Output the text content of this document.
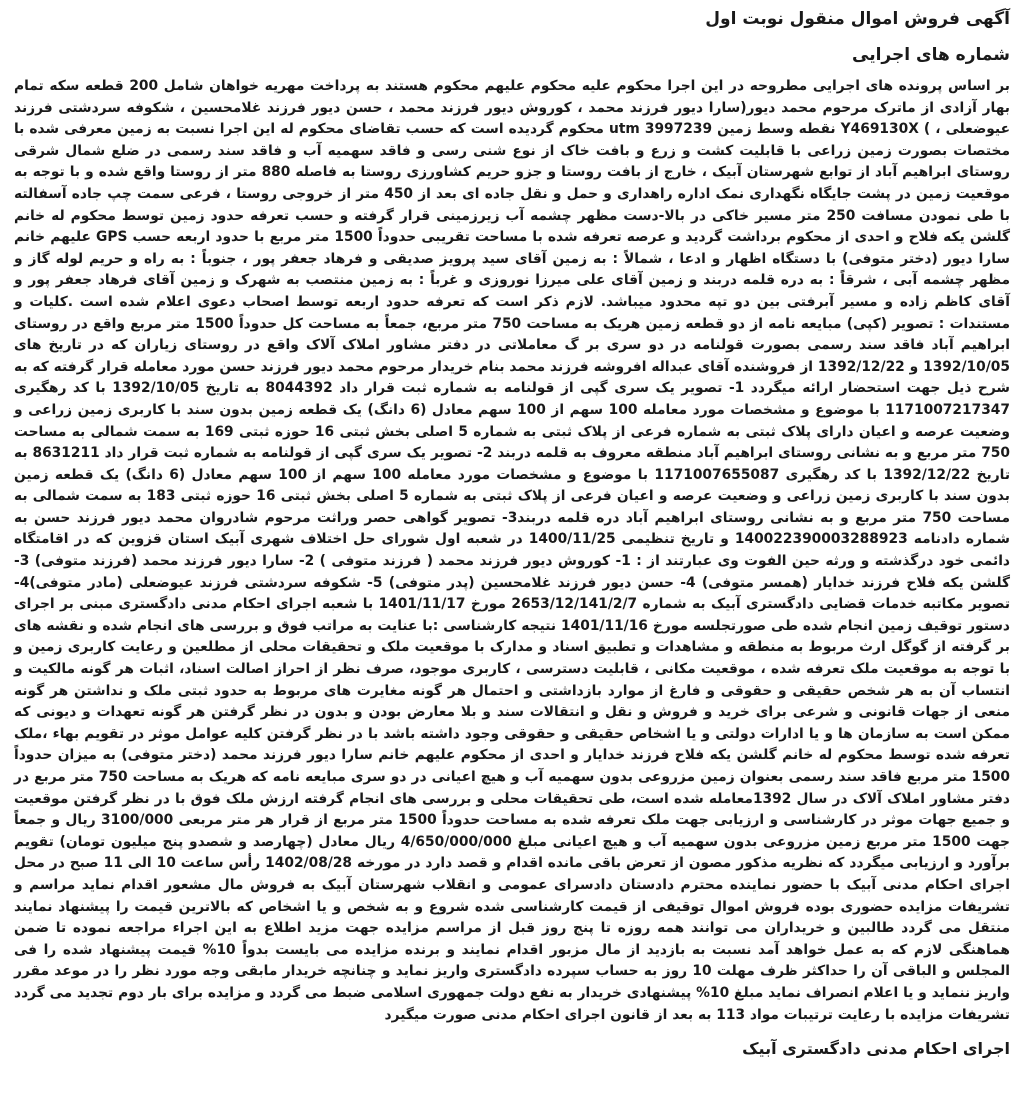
آگهی فروش اموال منقول نوبت اول
شماره های اجرایی

بر اساس پرونده های اجرایی مطروحه در این اجرا محکوم علیه محکوم علیهم محکوم هستند به پرداخت مهریه خواهان شامل 200 قطعه سکه تمام بهار آزادی از ماترک مرحوم محمد دیور(سارا دیور فرزند محمد ، کوروش دیور فرزند محمد ، حسن دیور فرزند غلامحسین ، شکوفه سردشتی فرزند عیوضعلی ، ) Y469130X نقطه وسط زمین 3997239 utm محکوم گردیده است که حسب تقاضای محکوم له این اجرا نسبت به زمین معرفی شده با مختصات بصورت زمین زراعی با قابلیت کشت و زرع و بافت خاک از نوع شنی رسی و فاقد سهمیه آب و فاقد سند رسمی در ضلع شمال شرقی روستای ابراهیم آباد از توابع شهرستان آبیک ، خارج از بافت روستا و جزو حریم کشاورزی روستا به فاصله 880 متر از روستا واقع شده و با توجه به موقعیت زمین در پشت جایگاه نگهداری نمک اداره راهداری و حمل و نقل جاده ای بعد از 450 متر از خروجی روستا ، فرعی سمت چپ جاده آسفالته با طی نمودن مسافت 250 متر مسیر خاکی در بالا-دست مظهر چشمه آب زیرزمینی قرار گرفته و حسب تعرفه حدود زمین توسط محکوم له خانم گلشن یکه فلاح و احدی از محکوم برداشت گردید و عرصه تعرفه شده با مساحت تقریبی حدوداً 1500 متر مربع با حدود اربعه حسب GPS علیهم خانم سارا دیور (دختر متوفی) با دستگاه اظهار و ادعا ، شمالاً : به زمین آقای سید پرویز صدیقی و فرهاد جعفر پور ، جنوباً : به راه و حریم لوله گاز و مظهر چشمه آبی ، شرقاً : به دره قلمه دربند و زمین آقای علی میرزا نوروزی و غرباً : به زمین منتصب به شهرک و زمین آقای فرهاد جعفر پور و آقای کاظم زاده و مسیر آبرفتی بین دو تپه محدود میباشد. لازم ذکر است که تعرفه حدود اربعه توسط اصحاب دعوی اعلام شده است .کلیات و مستندات : تصویر (کپی) مبایعه نامه از دو قطعه زمین هریک به مساحت 750 متر مربع، جمعاً به مساحت کل حدوداً 1500 متر مربع واقع در روستای ابراهیم آباد فاقد سند رسمی بصورت قولنامه در دو سری بر گ معاملاتی در دفتر مشاور املاک آلاک واقع در روستای زیاران که در تاریخ های 1392/10/05 و 1392/12/22 از فروشنده آقای عبداله افروشه فرزند محمد بنام خریدار مرحوم محمد دیور فرزند حسن مورد معامله قرار گرفته که به شرح ذیل جهت استحضار ارائه میگردد 1- تصویر یک سری گپی از قولنامه به شماره ثبت قرار داد 8044392 به تاریخ 1392/10/05 با کد رهگیری 1171007217347 با موضوع و مشخصات مورد معامله 100 سهم از 100 سهم معادل (6 دانگ) یک قطعه زمین بدون سند با کاربری زمین زراعی و وضعیت عرصه و اعیان دارای پلاک ثبتی به شماره فرعی از پلاک ثبتی به شماره 5 اصلی بخش ثبتی 16 حوزه ثبتی 169 به سمت شمالی به مساحت 750 متر مربع و به نشانی روستای ابراهیم آباد منطقه معروف به قلمه دربند 2- تصویر یک سری گپی از قولنامه به شماره ثبت قرار داد 8631211 به تاریخ 1392/12/22 با کد رهگیری 1171007655087 با موضوع و مشخصات مورد معامله 100 سهم از 100 سهم معادل (6 دانگ) یک قطعه زمین بدون سند با کاربری زمین زراعی و وضعیت عرصه و اعیان فرعی از پلاک ثبتی به شماره 5 اصلی بخش ثبتی 16 حوزه ثبتی 183 به سمت شمالی به مساحت 750 متر مربع و به نشانی روستای ابراهیم آباد دره قلمه دربند3- تصویر گواهی حصر وراثت مرحوم شادروان محمد دیور فرزند حسن به شماره دادنامه 140022390003288923 و تاریخ تنظیمی 1400/11/25 در شعبه اول شورای حل اختلاف شهری آبیک استان قزوین که در اقامتگاه دائمی خود درگذشته و ورثه حین الفوت وی عبارتند از : 1- کوروش دیور فرزند محمد ( فرزند متوفی ) 2- سارا دیور فرزند محمد (فرزند متوفی) 3- گلشن یکه فلاح فرزند خدایار (همسر متوفی) 4- حسن دیور فرزند غلامحسین (پدر متوفی) 5- شکوفه سردشتی فرزند عیوضعلی (مادر متوفی)4- تصویر مکاتبه خدمات قضایی دادگستری آبیک به شماره 2653/12/141/2/7 مورخ 1401/11/17 با شعبه اجرای احکام مدنی دادگستری مبنی بر اجرای دستور توقیف زمین انجام شده طی صورتجلسه مورخ 1401/11/16 نتیجه کارشناسی :با عنایت به مراتب فوق و بررسی های انجام شده و نقشه های بر گرفته از گوگل ارث مربوط به منطقه و مشاهدات و تطبیق اسناد و مدارک با موقعیت ملک و تحقیقات محلی از مطلعین و رعایت کاربری زمین و با توجه به موقعیت ملک تعرفه شده ، موقعیت مکانی ، قابلیت دسترسی ، کاربری موجود، صرف نظر از احراز اصالت اسناد، اثبات هر گونه مالکیت و انتساب آن به هر شخص حقیقی و حقوقی و فارغ از موارد بازداشتی و احتمال هر گونه مغایرت های مربوط به حدود ثبتی ملک و نداشتن هر گونه منعی از جهات قانونی و شرعی برای خرید و فروش و نقل و انتقالات سند و بلا معارض بودن و بدون در نظر گرفتن هر گونه تعهدات و دیونی که ممکن است به سازمان ها و یا ادارات دولتی و یا اشخاص حقیقی و حقوقی وجود داشته باشد با در نظر گرفتن کلیه عوامل موثر در تقویم بهاء ،ملک تعرفه شده توسط محکوم له خانم گلشن یکه فلاح فرزند خدایار و احدی از محکوم علیهم خانم سارا دیور فرزند محمد (دختر متوفی) به میزان حدوداً 1500 متر مربع فاقد سند رسمی بعنوان زمین مزروعی بدون سهمیه آب و هیچ اعیانی در دو سری مبایعه نامه که هریک به مساحت 750 متر مربع در دفتر مشاور املاک آلاک در سال 1392معامله شده است، طی تحقیقات محلی و بررسی های انجام گرفته ارزش ملک فوق با در نظر گرفتن موقعیت و جمیع جهات موثر در کارشناسی و ارزیابی جهت ملک تعرفه شده به مساحت حدوداً 1500 متر مربع از قرار هر متر مربعی 3100/000 ریال و جمعاً جهت 1500 متر مربع زمین مزروعی بدون سهمیه آب و هیچ اعیانی مبلغ 4/650/000/000 ریال معادل (چهارصد و شصدو پنج میلیون تومان) تقویم برآورد و ارزیابی میگردد که نظریه مذکور مصون از تعرض باقی مانده اقدام و قصد دارد در مورخه 1402/08/28 رأس ساعت 10 الی 11 صبح در محل اجرای احکام مدنی آبیک با حضور نماینده محترم دادستان دادسرای عمومی و انقلاب شهرستان آبیک به فروش مال مشعور اقدام نماید مراسم و تشریفات مزایده حضوری بوده فروش اموال توقیفی از قیمت کارشناسی شده شروع و به شخص و یا اشخاص که بالاترین قیمت را پیشنهاد نمایند منتقل می گردد طالبین و خریداران می توانند همه روزه تا پنج روز قبل از مراسم مزایده جهت مزید اطلاع به این اجراء مراجعه نموده تا ضمن هماهنگی لازم که به عمل خواهد آمد نسبت به بازدید از مال مزبور اقدام نمایند و برنده مزایده می بایست بدواً 10% قیمت پیشنهاد شده را فی المجلس و الباقی آن را حداکثر ظرف مهلت 10 روز به حساب سپرده دادگستری واریز نماید و چنانچه خریدار مابقی وجه مورد نظر را در موعد مقرر واریز ننماید و یا اعلام انصراف نماید مبلغ 10% پیشنهادی خریدار به نفع دولت جمهوری اسلامی ضبط می گردد و مزایده برای بار دوم تجدید می گردد تشریفات مزایده با رعایت ترتیبات مواد 113 به بعد از قانون اجرای احکام مدنی صورت میگیرد

اجرای احکام مدنی دادگستری آبیک
